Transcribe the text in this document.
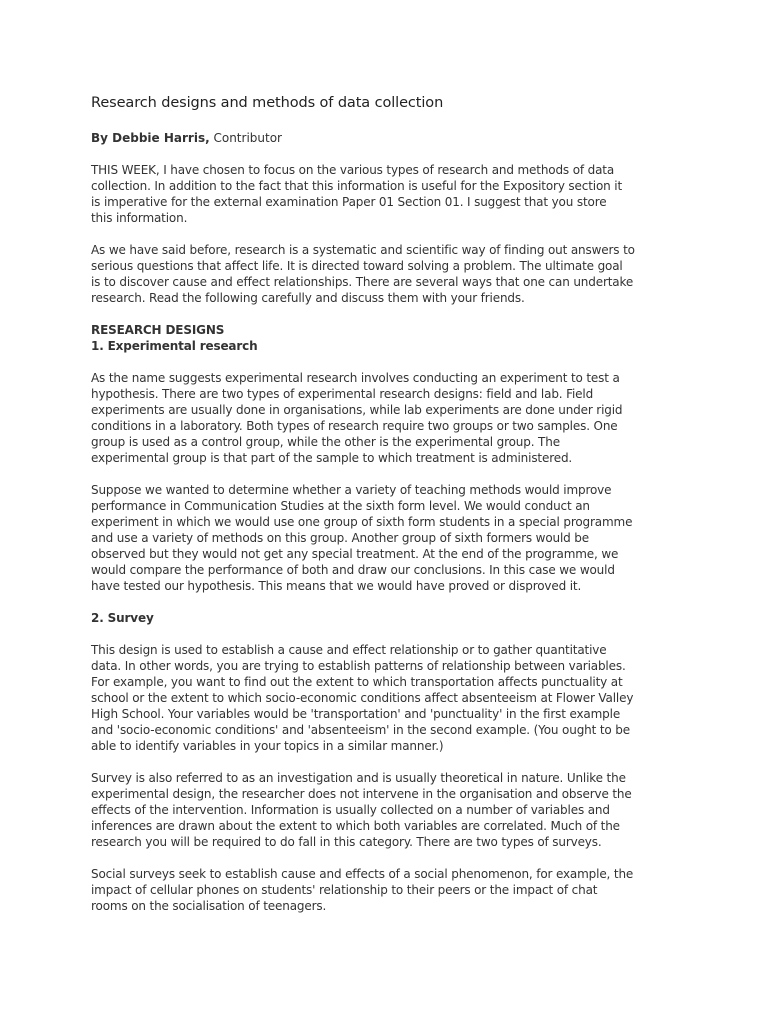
Research designs and methods of data collection

By Debbie Harris, Contributor

THIS WEEK, I have chosen to focus on the various types of research and methods of data
collection. In addition to the fact that this information is useful for the Expository section it
is imperative for the external examination Paper 01 Section 01. I suggest that you store
this information.

As we have said before, research is a systematic and scientific way of finding out answers to
serious questions that affect life. It is directed toward solving a problem. The ultimate goal
is to discover cause and effect relationships. There are several ways that one can undertake
research. Read the following carefully and discuss them with your friends.

RESEARCH DESIGNS
1. Experimental research

As the name suggests experimental research involves conducting an experiment to test a
hypothesis. There are two types of experimental research designs: field and lab. Field
experiments are usually done in organisations, while lab experiments are done under rigid
conditions in a laboratory. Both types of research require two groups or two samples. One
group is used as a control group, while the other is the experimental group. The
experimental group is that part of the sample to which treatment is administered.

Suppose we wanted to determine whether a variety of teaching methods would improve
performance in Communication Studies at the sixth form level. We would conduct an
experiment in which we would use one group of sixth form students in a special programme
and use a variety of methods on this group. Another group of sixth formers would be
observed but they would not get any special treatment. At the end of the programme, we
would compare the performance of both and draw our conclusions. In this case we would
have tested our hypothesis. This means that we would have proved or disproved it.

2. Survey

This design is used to establish a cause and effect relationship or to gather quantitative
data. In other words, you are trying to establish patterns of relationship between variables.
For example, you want to find out the extent to which transportation affects punctuality at
school or the extent to which socio-economic conditions affect absenteeism at Flower Valley
High School. Your variables would be 'transportation' and 'punctuality' in the first example
and 'socio-economic conditions' and 'absenteeism' in the second example. (You ought to be
able to identify variables in your topics in a similar manner.)

Survey is also referred to as an investigation and is usually theoretical in nature. Unlike the
experimental design, the researcher does not intervene in the organisation and observe the
effects of the intervention. Information is usually collected on a number of variables and
inferences are drawn about the extent to which both variables are correlated. Much of the
research you will be required to do fall in this category. There are two types of surveys.

Social surveys seek to establish cause and effects of a social phenomenon, for example, the
impact of cellular phones on students' relationship to their peers or the impact of chat
rooms on the socialisation of teenagers.
